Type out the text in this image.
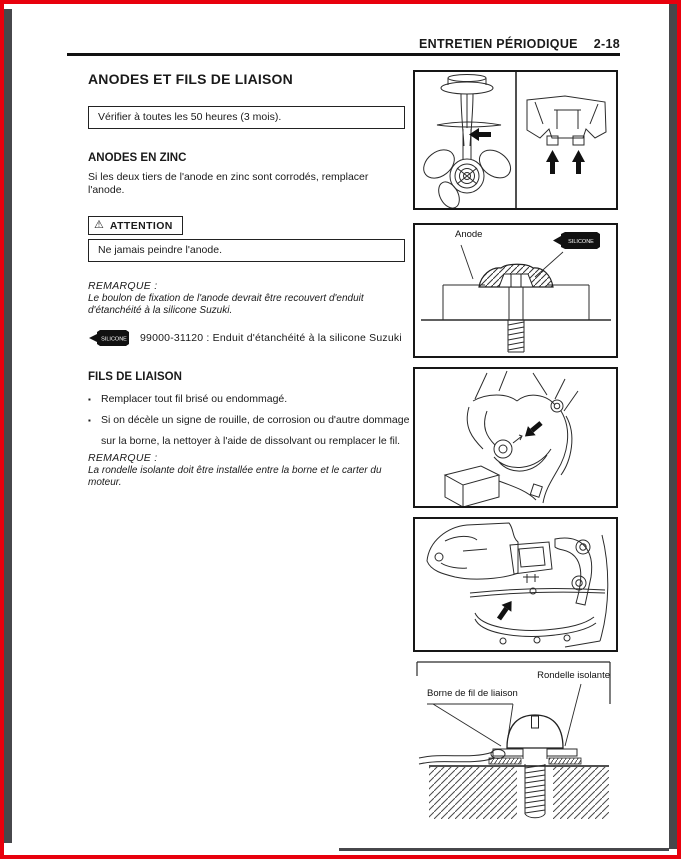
ENTRETIEN PÉRIODIQUE 2-18
ANODES ET FILS DE LIAISON
Vérifier à toutes les 50 heures (3 mois).
ANODES EN ZINC
Si les deux tiers de l'anode en zinc sont corrodés, remplacer l'anode.
⚠ ATTENTION
Ne jamais peindre l'anode.
REMARQUE :
Le boulon de fixation de l'anode devrait être recouvert d'enduit d'étanchéité à la silicone Suzuki.
SILICONE 99000-31120 : Enduit d'étanchéité à la silicone Suzuki
FILS DE LIAISON
▪ Remplacer tout fil brisé ou endommagé.
▪ Si on décèle un signe de rouille, de corrosion ou d'autre dommage sur la borne, la nettoyer à l'aide de dissolvant ou remplacer le fil.
REMARQUE :
La rondelle isolante doit être installée entre la borne et le carter du moteur.
SILICONE
Anode
Rondelle isolante
Borne de fil de liaison
